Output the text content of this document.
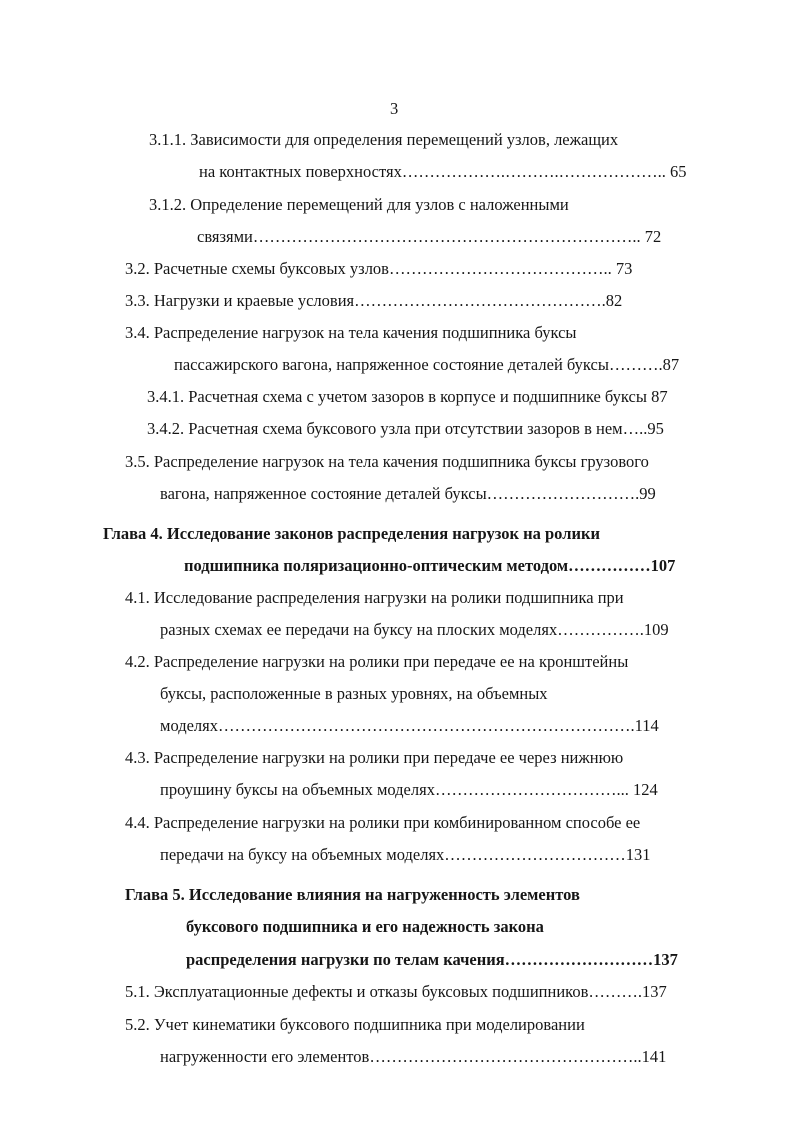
3
3.1.1. Зависимости для определения перемещений узлов, лежащих
на контактных поверхностях……………….……….……………….. 65
3.1.2. Определение перемещений для узлов с наложенными
связями…………………………………………………………….. 72
3.2. Расчетные схемы буксовых узлов………………………………….. 73
3.3. Нагрузки и краевые условия……………………………………….82
3.4. Распределение нагрузок на тела качения подшипника буксы
пассажирского вагона, напряженное состояние деталей буксы……….87
3.4.1. Расчетная схема с учетом зазоров в корпусе и подшипнике буксы 87
3.4.2. Расчетная схема буксового узла при отсутствии зазоров в нем…..95
3.5. Распределение нагрузок на тела качения подшипника буксы грузового
вагона, напряженное состояние деталей буксы……………………….99
Глава 4. Исследование законов распределения нагрузок на ролики
подшипника поляризационно-оптическим методом……………107
4.1. Исследование распределения нагрузки на ролики подшипника при
разных схемах ее передачи на буксу на плоских моделях…………….109
4.2. Распределение нагрузки на ролики при передаче ее на кронштейны
буксы, расположенные в разных уровнях, на объемных
моделях………………………………………………………………….114
4.3. Распределение нагрузки на ролики при передаче ее через нижнюю
проушину буксы на объемных моделях……………………………... 124
4.4. Распределение нагрузки на ролики при комбинированном способе ее
передачи на буксу на объемных моделях……………………………131
Глава 5. Исследование влияния на нагруженность элементов
буксового подшипника и его надежность закона
распределения нагрузки по телам качения………………………137
5.1. Эксплуатационные дефекты и отказы буксовых подшипников……….137
5.2. Учет кинематики буксового подшипника при моделировании
нагруженности его элементов…………………………………………..141
